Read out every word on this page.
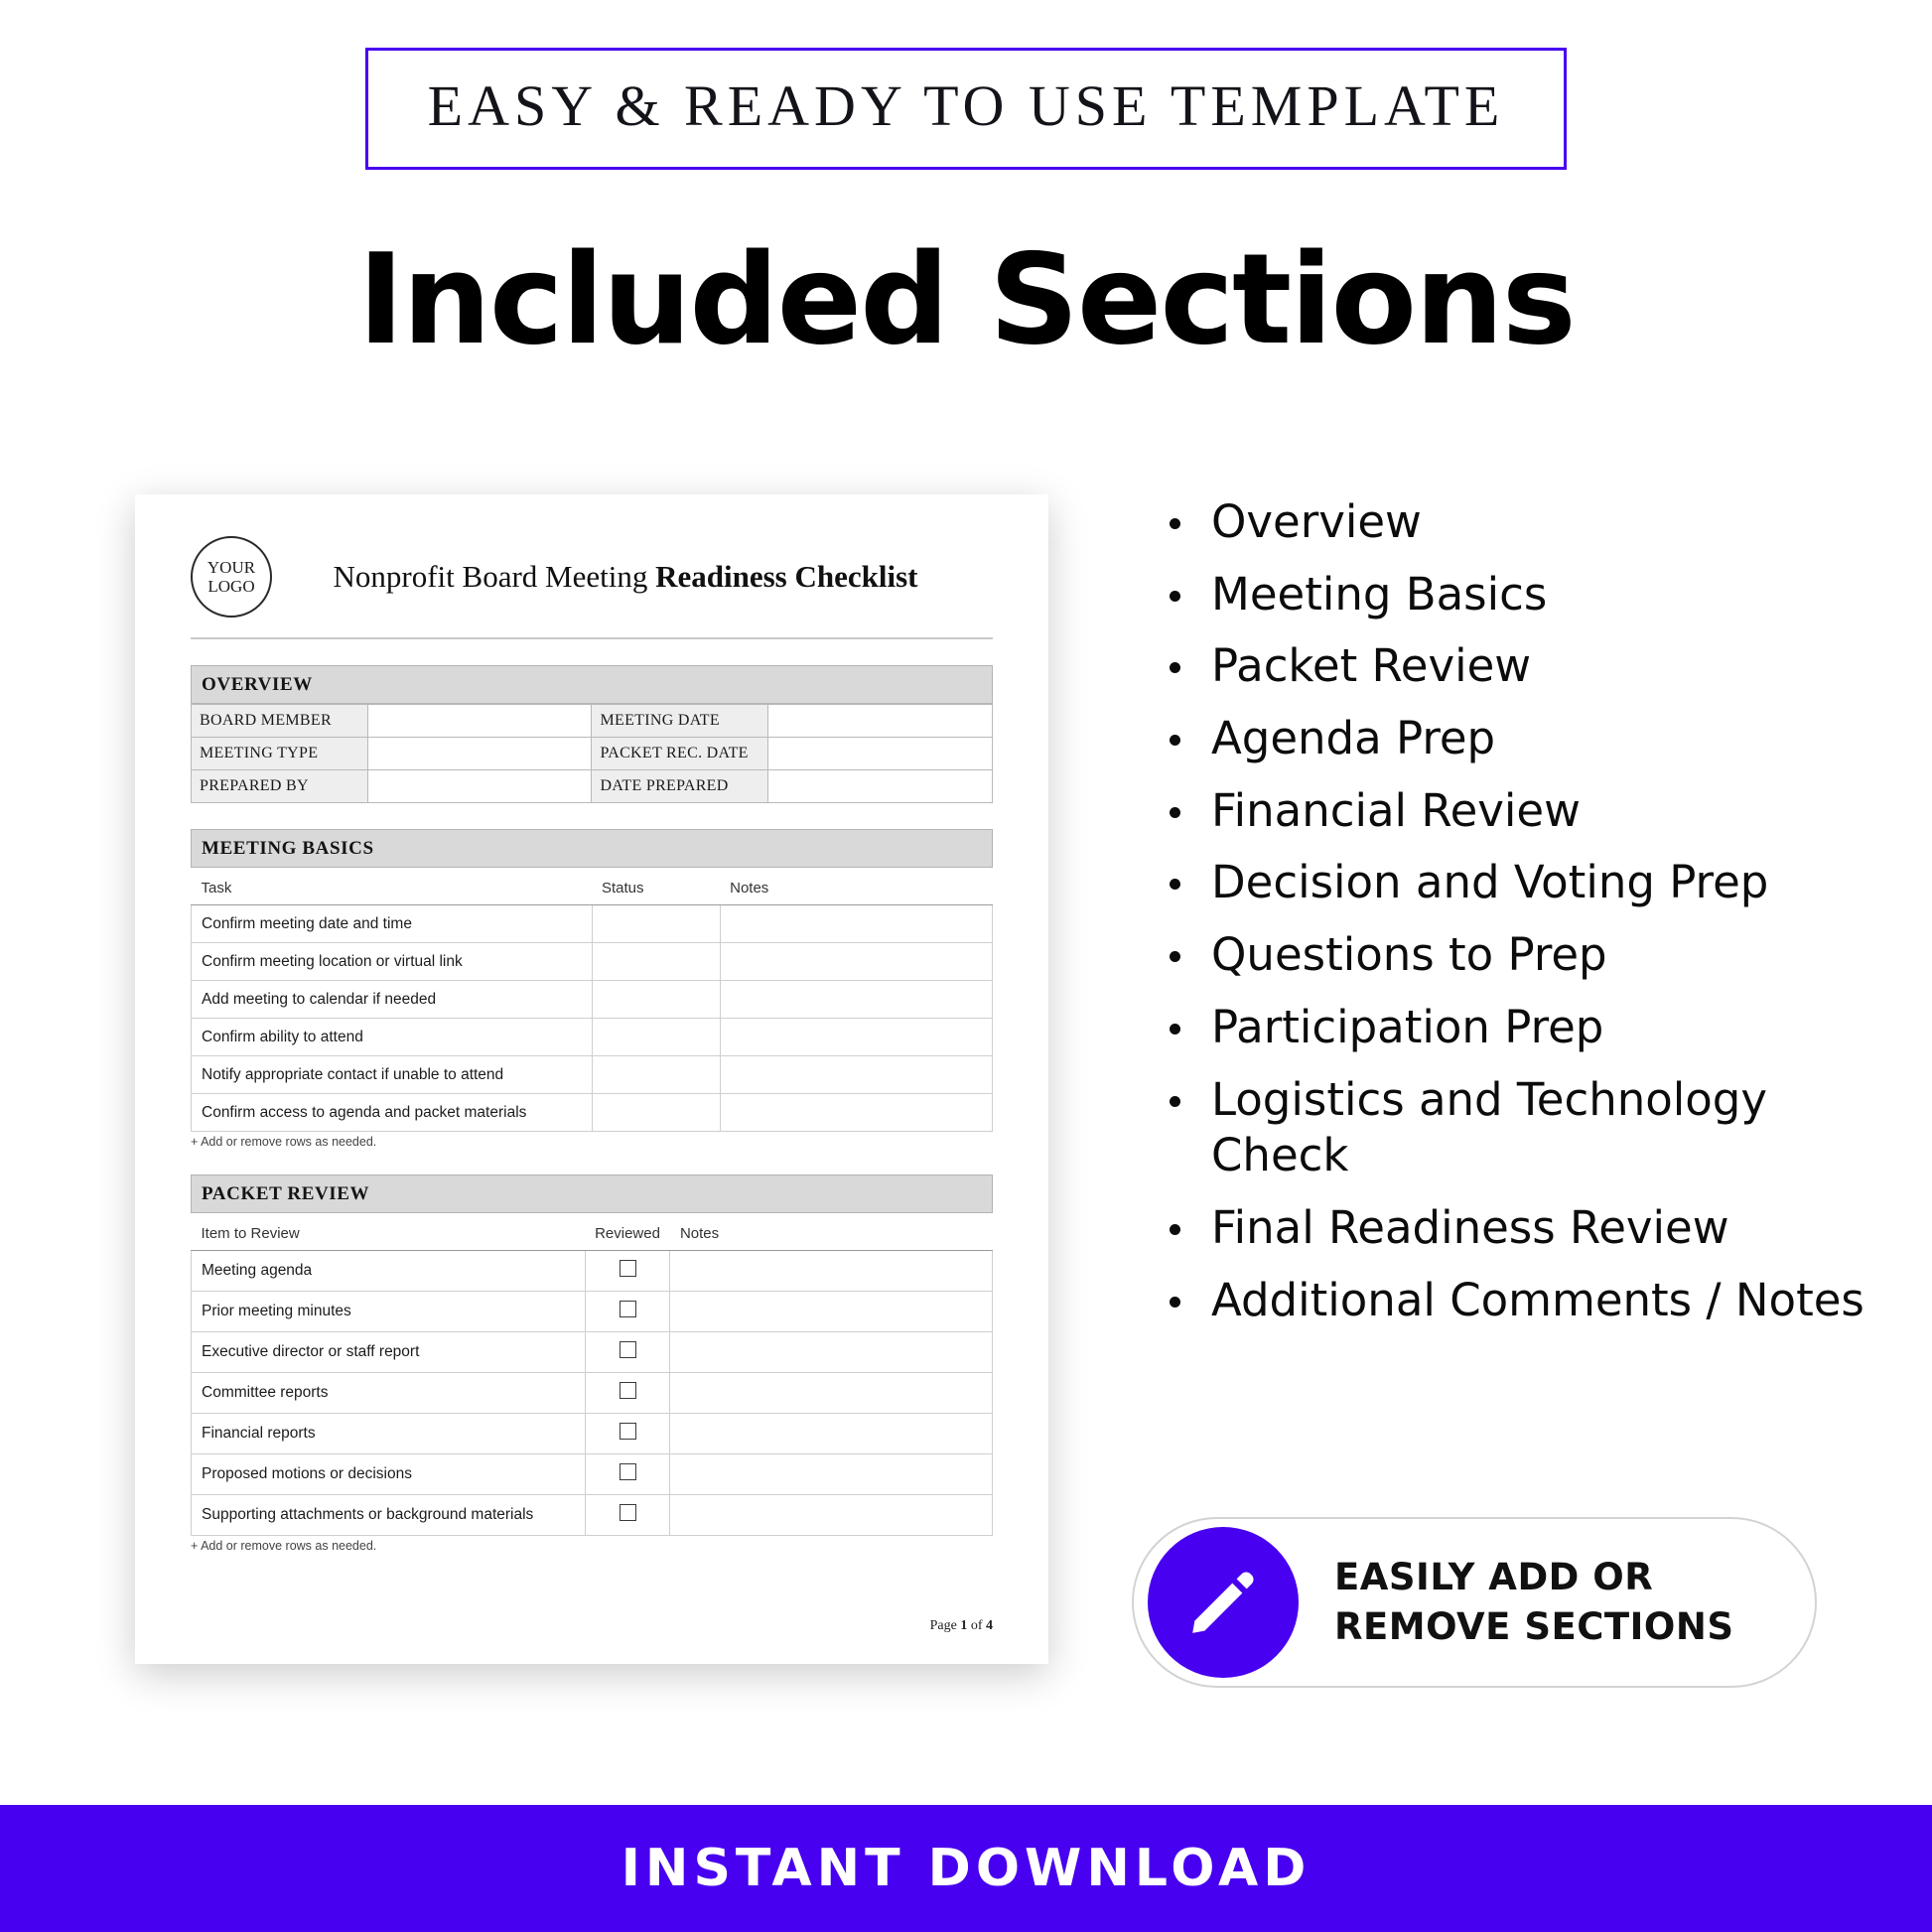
EASY & READY TO USE TEMPLATE
Included Sections
YOUR
LOGO	Nonprofit Board Meeting Readiness Checklist
OVERVIEW
BOARD MEMBER		MEETING DATE	
MEETING TYPE		PACKET REC. DATE	
PREPARED BY		DATE PREPARED	
MEETING BASICS
Task	Status	Notes
Confirm meeting date and time		
Confirm meeting location or virtual link		
Add meeting to calendar if needed		
Confirm ability to attend		
Notify appropriate contact if unable to attend		
Confirm access to agenda and packet materials		
+ Add or remove rows as needed.
PACKET REVIEW
Item to Review	Reviewed	Notes
Meeting agenda		
Prior meeting minutes		
Executive director or staff report		
Committee reports		
Financial reports		
Proposed motions or decisions		
Supporting attachments or background materials		
+ Add or remove rows as needed.
Page 1 of 4
Overview
Meeting Basics
Packet Review
Agenda Prep
Financial Review
Decision and Voting Prep
Questions to Prep
Participation Prep
Logistics and Technology Check
Final Readiness Review
Additional Comments / Notes
EASILY ADD OR
REMOVE SECTIONS
INSTANT DOWNLOAD
